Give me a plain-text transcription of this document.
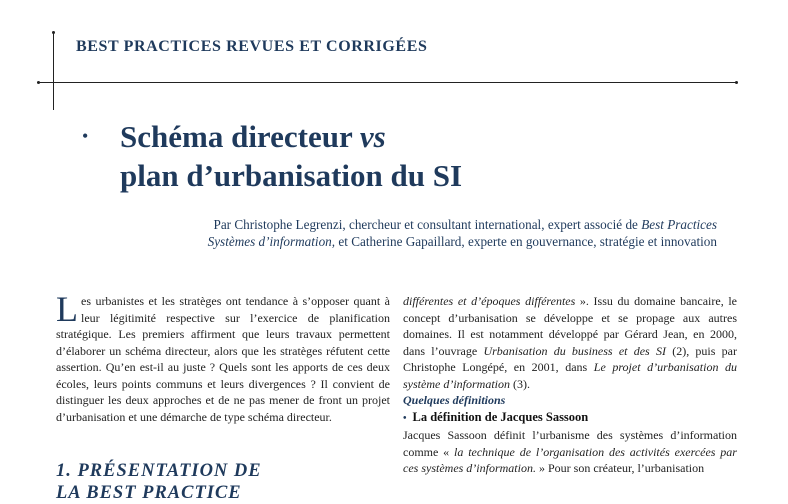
BEST PRACTICES REVUES ET CORRIGÉES
• Schéma directeur vs
plan d’urbanisation du SI

Par Christophe Legrenzi, chercheur et consultant international, expert associé de Best Practices
Systèmes d’information, et Catherine Gapaillard, experte en gouvernance, stratégie et innovation

Les urbanistes et les stratèges ont tendance à s’opposer quant à leur légitimité respective sur l’exercice de planification stratégique. Les premiers affirment que leurs travaux permettent d’élaborer un schéma directeur, alors que les stratèges réfutent cette assertion. Qu’en est-il au juste ? Quels sont les apports de ces deux écoles, leurs points communs et leurs divergences ? Il convient de distinguer les deux approches et de ne pas mener de front un projet d’urbanisation et une démarche de type schéma directeur.

1. PRÉSENTATION DE
LA BEST PRACTICE

différentes et d’époques différentes ». Issu du domaine bancaire, le concept d’urbanisation se développe et se propage aux autres domaines. Il est notamment développé par Gérard Jean, en 2000, dans l’ouvrage Urbanisation du business et des SI (2), puis par Christophe Longépé, en 2001, dans Le projet d’urbanisation du système d’information (3).

Quelques définitions

• La définition de Jacques Sassoon

Jacques Sassoon définit l’urbanisme des systèmes d’information comme « la technique de l’organisation des activités exercées par ces systèmes d’information. » Pour son créateur, l’urbanisation
